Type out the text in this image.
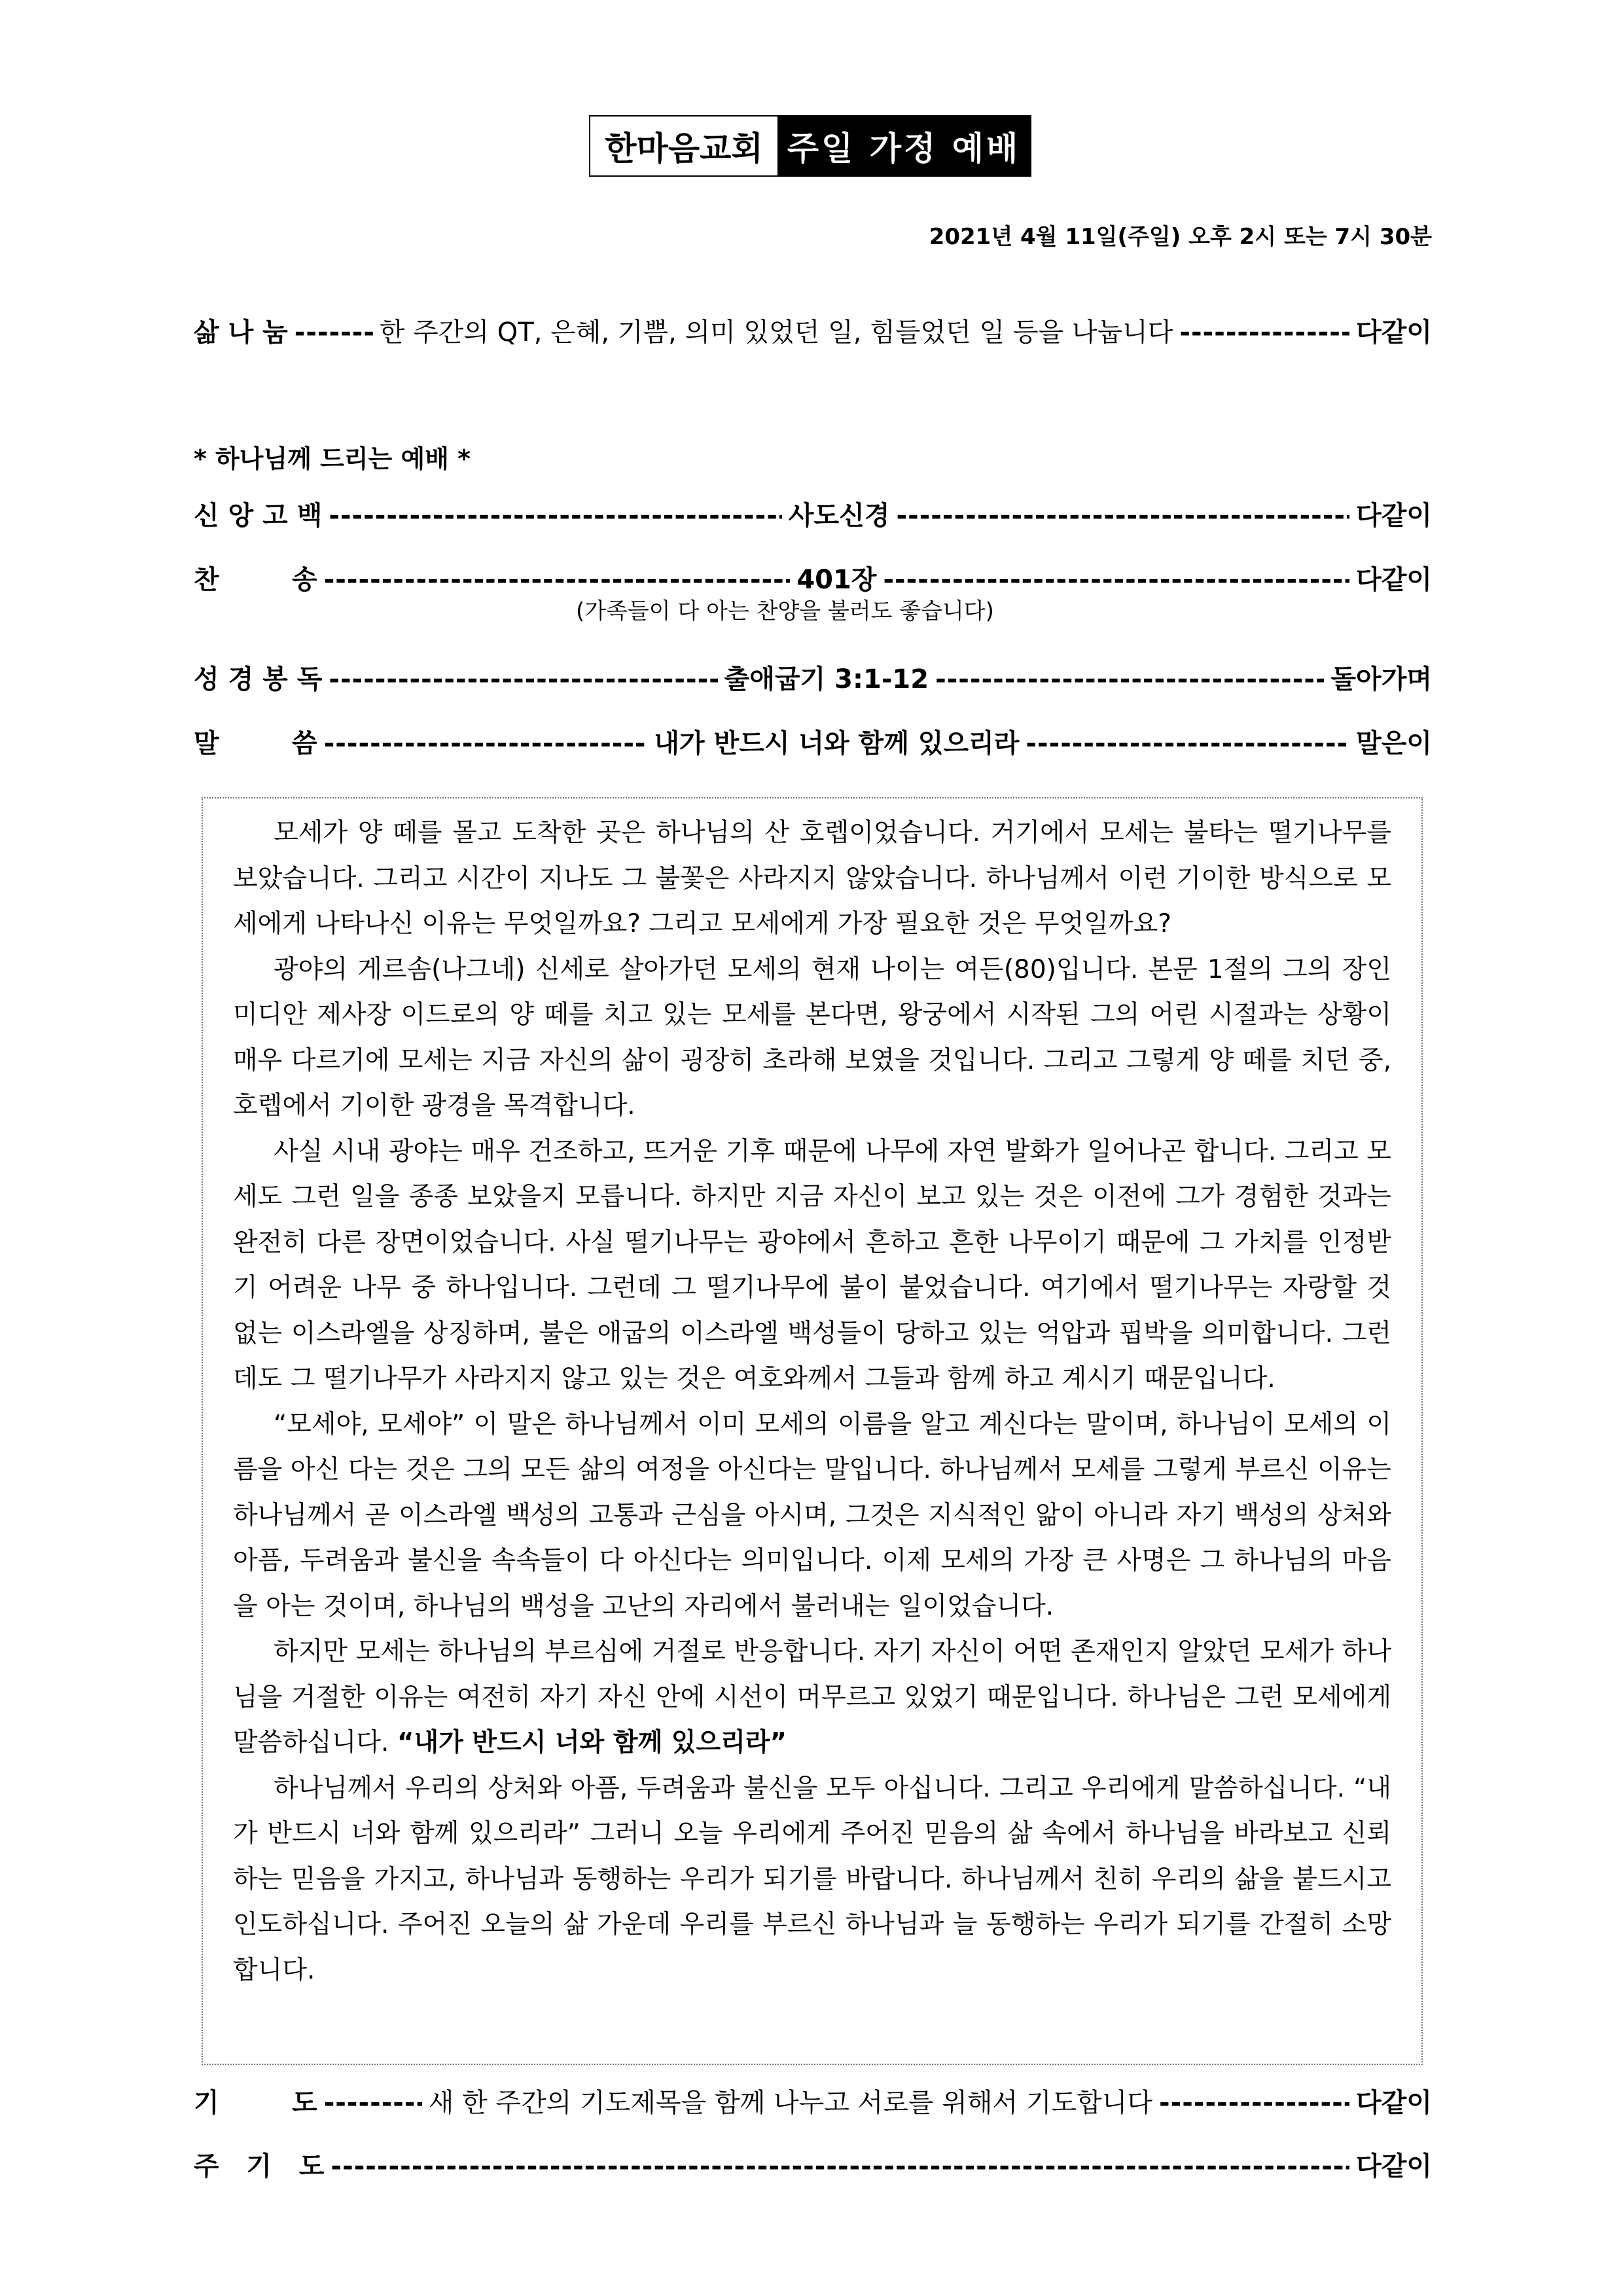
한마음교회 주일 가정 예배
2021년 4월 11일(주일) 오후 2시 또는 7시 30분
삶 나 눔 -----	한 주간의 QT, 은혜, 기쁨, 의미 있었던 일, 힘들었던 일 등을 나눕니다 -----	다같이
* 하나님께 드리는 예배 *
신 앙 고 백 -----	사도신경 -----	다같이
찬        송 -----	401장 -----	다같이
(가족들이 다 아는 찬양을 불러도 좋습니다)
성 경 봉 독 -----	출애굽기 3:1-12 -----	돌아가며
말        씀 -----	내가 반드시 너와 함께 있으리라 -----	말은이

모세가 양 떼를 몰고 도착한 곳은 하나님의 산 호렙이었습니다. 거기에서 모세는 불타는 떨기나무를 보았습니다. 그리고 시간이 지나도 그 불꽃은 사라지지 않았습니다. 하나님께서 이런 기이한 방식으로 모세에게 나타나신 이유는 무엇일까요? 그리고 모세에게 가장 필요한 것은 무엇일까요?

광야의 게르솜(나그네) 신세로 살아가던 모세의 현재 나이는 여든(80)입니다. 본문 1절의 그의 장인 미디안 제사장 이드로의 양 떼를 치고 있는 모세를 본다면, 왕궁에서 시작된 그의 어린 시절과는 상황이 매우 다르기에 모세는 지금 자신의 삶이 굉장히 초라해 보였을 것입니다. 그리고 그렇게 양 떼를 치던 중, 호렙에서 기이한 광경을 목격합니다.

사실 시내 광야는 매우 건조하고, 뜨거운 기후 때문에 나무에 자연 발화가 일어나곤 합니다. 그리고 모세도 그런 일을 종종 보았을지 모릅니다. 하지만 지금 자신이 보고 있는 것은 이전에 그가 경험한 것과는 완전히 다른 장면이었습니다. 사실 떨기나무는 광야에서 흔하고 흔한 나무이기 때문에 그 가치를 인정받기 어려운 나무 중 하나입니다. 그런데 그 떨기나무에 불이 붙었습니다. 여기에서 떨기나무는 자랑할 것 없는 이스라엘을 상징하며, 불은 애굽의 이스라엘 백성들이 당하고 있는 억압과 핍박을 의미합니다. 그런데도 그 떨기나무가 사라지지 않고 있는 것은 여호와께서 그들과 함께 하고 계시기 때문입니다.

“모세야, 모세야” 이 말은 하나님께서 이미 모세의 이름을 알고 계신다는 말이며, 하나님이 모세의 이름을 아신 다는 것은 그의 모든 삶의 여정을 아신다는 말입니다. 하나님께서 모세를 그렇게 부르신 이유는 하나님께서 곧 이스라엘 백성의 고통과 근심을 아시며, 그것은 지식적인 앎이 아니라 자기 백성의 상처와 아픔, 두려움과 불신을 속속들이 다 아신다는 의미입니다. 이제 모세의 가장 큰 사명은 그 하나님의 마음을 아는 것이며, 하나님의 백성을 고난의 자리에서 불러내는 일이었습니다.

하지만 모세는 하나님의 부르심에 거절로 반응합니다. 자기 자신이 어떤 존재인지 알았던 모세가 하나님을 거절한 이유는 여전히 자기 자신 안에 시선이 머무르고 있었기 때문입니다. 하나님은 그런 모세에게 말씀하십니다. “내가 반드시 너와 함께 있으리라”

하나님께서 우리의 상처와 아픔, 두려움과 불신을 모두 아십니다. 그리고 우리에게 말씀하십니다. “내가 반드시 너와 함께 있으리라” 그러니 오늘 우리에게 주어진 믿음의 삶 속에서 하나님을 바라보고 신뢰하는 믿음을 가지고, 하나님과 동행하는 우리가 되기를 바랍니다. 하나님께서 친히 우리의 삶을 붙드시고 인도하십니다. 주어진 오늘의 삶 가운데 우리를 부르신 하나님과 늘 동행하는 우리가 되기를 간절히 소망합니다.

기        도 -----	새 한 주간의 기도제목을 함께 나누고 서로를 위해서 기도합니다 -----	다같이
주   기   도 -----	다같이
